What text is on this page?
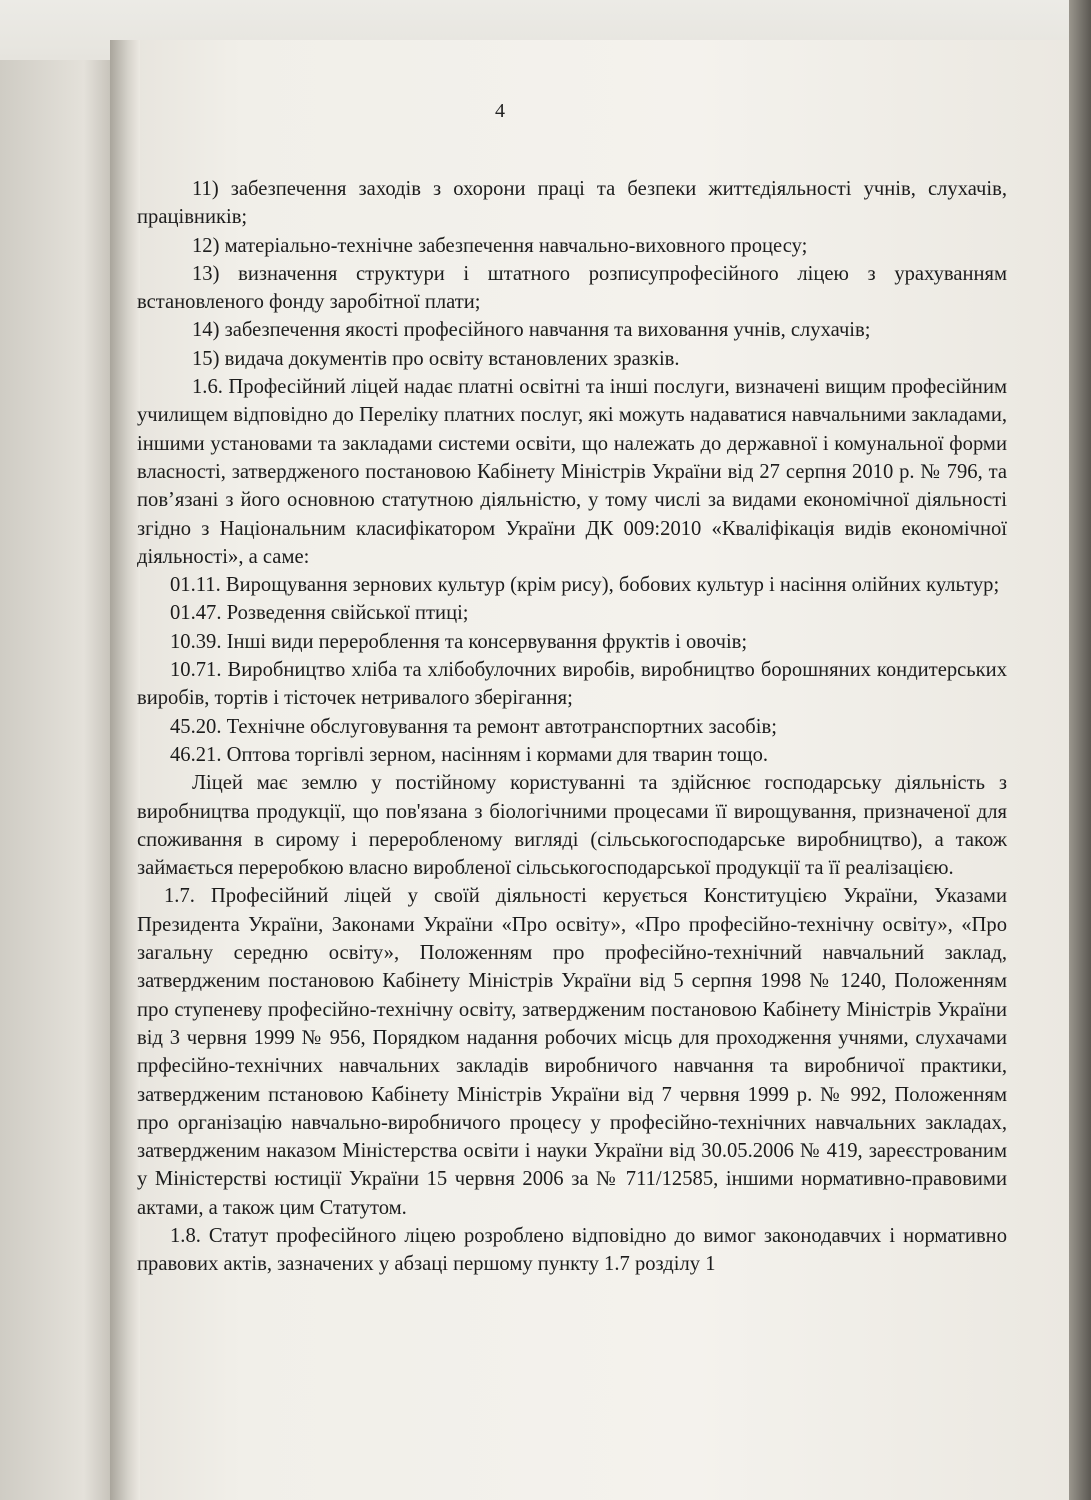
4

11) забезпечення заходів з охорони праці та безпеки життєдіяльності учнів, слухачів, працівників;

12) матеріально-технічне забезпечення навчально-виховного процесу;

13) визначення структури і штатного розписупрофесійного ліцею з урахуванням встановленого фонду заробітної плати;

14) забезпечення якості професійного навчання та виховання учнів, слухачів;

15) видача документів про освіту встановлених зразків.

1.6. Професійний ліцей надає платні освітні та інші послуги, визначені вищим професійним училищем відповідно до Переліку платних послуг, які можуть надаватися навчальними закладами, іншими установами та закладами системи освіти, що належать до державної і комунальної форми власності, затвердженого постановою Кабінету Міністрів України від 27 серпня 2010 р. № 796, та пов’язані з його основною статутною діяльністю, у тому числі за видами економічної діяльності згідно з Національним класифікатором України ДК 009:2010 «Кваліфікація видів економічної діяльності», а саме:

01.11. Вирощування зернових культур (крім рису), бобових культур і насіння олійних культур;

01.47. Розведення свійської птиці;

10.39. Інші види перероблення та консервування фруктів і овочів;

10.71. Виробництво хліба та хлібобулочних виробів, виробництво борошняних кондитерських виробів, тортів і тісточек нетривалого зберігання;

45.20. Технічне обслуговування та ремонт автотранспортних засобів;

46.21. Оптова торгівлі зерном, насінням і кормами для тварин тощо.

Ліцей має землю у постійному користуванні та здійснює господарську діяльність з виробництва продукції, що пов'язана з біологічними процесами її вирощування, призначеної для споживання в сирому і переробленому вигляді (сільськогосподарське виробництво), а також займається переробкою власно виробленої сільськогосподарської продукції та її реалізацією.

1.7. Професійний ліцей у своїй діяльності керується Конституцією України, Указами Президента України, Законами України «Про освіту», «Про професійно-технічну освіту», «Про загальну середню освіту», Положенням про професійно-технічний навчальний заклад, затвердженим постановою Кабінету Міністрів України від 5 серпня 1998 № 1240, Положенням про ступеневу професійно-технічну освіту, затвердженим постановою Кабінету Міністрів України від 3 червня 1999 № 956, Порядком надання робочих місць для проходження учнями, слухачами прфесійно-технічних навчальних закладів виробничого навчання та виробничої практики, затвердженим пстановою Кабінету Міністрів України від 7 червня 1999 р. № 992, Положенням про організацію навчально-виробничого процесу у професійно-технічних навчальних закладах, затвердженим наказом Міністерства освіти і науки України від 30.05.2006 № 419, зареєстрованим у Міністерстві юстиції України 15 червня 2006 за № 711/12585, іншими нормативно-правовими актами, а також цим Статутом.

1.8. Статут професійного ліцею розроблено відповідно до вимог законодавчих і нормативно правових актів, зазначених у абзаці першому пункту 1.7 розділу 1
